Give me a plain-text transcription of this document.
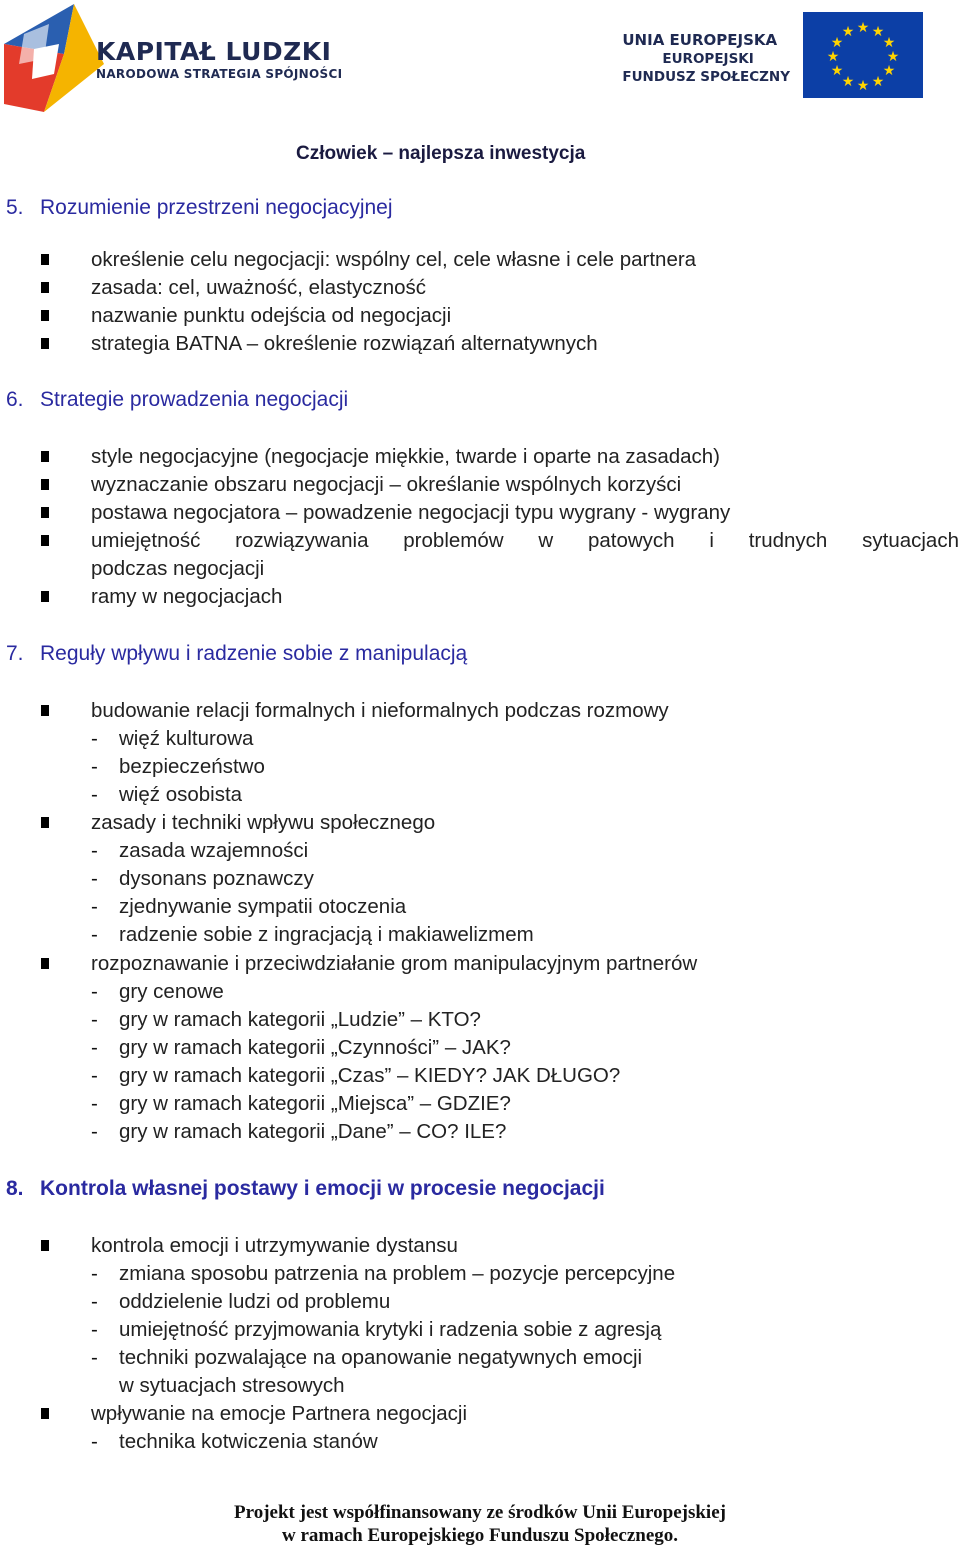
KAPITAŁ LUDZKI
NARODOWA STRATEGIA SPÓJNOŚCI
UNIA EUROPEJSKA
EUROPEJSKI
FUNDUSZ SPOŁECZNY
★ ★
★
★
★
★
★
★
★
★
★
★
Człowiek – najlepsza inwestycja
5. Rozumienie przestrzeni negocjacyjnej
określenie celu negocjacji: wspólny cel, cele własne i cele partnera
zasada: cel, uważność, elastyczność
nazwanie punktu odejścia od negocjacji
strategia BATNA – określenie rozwiązań alternatywnych
6. Strategie prowadzenia negocjacji
style negocjacyjne (negocjacje miękkie, twarde i oparte na zasadach)
wyznaczanie obszaru negocjacji – określanie wspólnych korzyści
postawa negocjatora – powadzenie negocjacji typu wygrany - wygrany
umiejętność rozwiązywania problemów w patowych i trudnych sytuacjach
podczas negocjacji
ramy w negocjacjach
7. Reguły wpływu i radzenie sobie z manipulacją
budowanie relacji formalnych i nieformalnych podczas rozmowy
- więź kulturowa
- bezpieczeństwo
- więź osobista
zasady i techniki wpływu społecznego
- zasada wzajemności
- dysonans poznawczy
- zjednywanie sympatii otoczenia
- radzenie sobie z ingracjacją i makiawelizmem
rozpoznawanie i przeciwdziałanie grom manipulacyjnym partnerów
- gry cenowe
- gry w ramach kategorii „Ludzie” – KTO?
- gry w ramach kategorii „Czynności” – JAK?
- gry w ramach kategorii „Czas” – KIEDY? JAK DŁUGO?
- gry w ramach kategorii „Miejsca” – GDZIE?
- gry w ramach kategorii „Dane” – CO? ILE?
8. Kontrola własnej postawy i emocji w procesie negocjacji
kontrola emocji i utrzymywanie dystansu
- zmiana sposobu patrzenia na problem – pozycje percepcyjne
- oddzielenie ludzi od problemu
- umiejętność przyjmowania krytyki i radzenia sobie z agresją
- techniki pozwalające na opanowanie negatywnych emocji
w sytuacjach stresowych
wpływanie na emocje Partnera negocjacji
- technika kotwiczenia stanów
Projekt jest współfinansowany ze środków Unii Europejskiej
w ramach Europejskiego Funduszu Społecznego.
